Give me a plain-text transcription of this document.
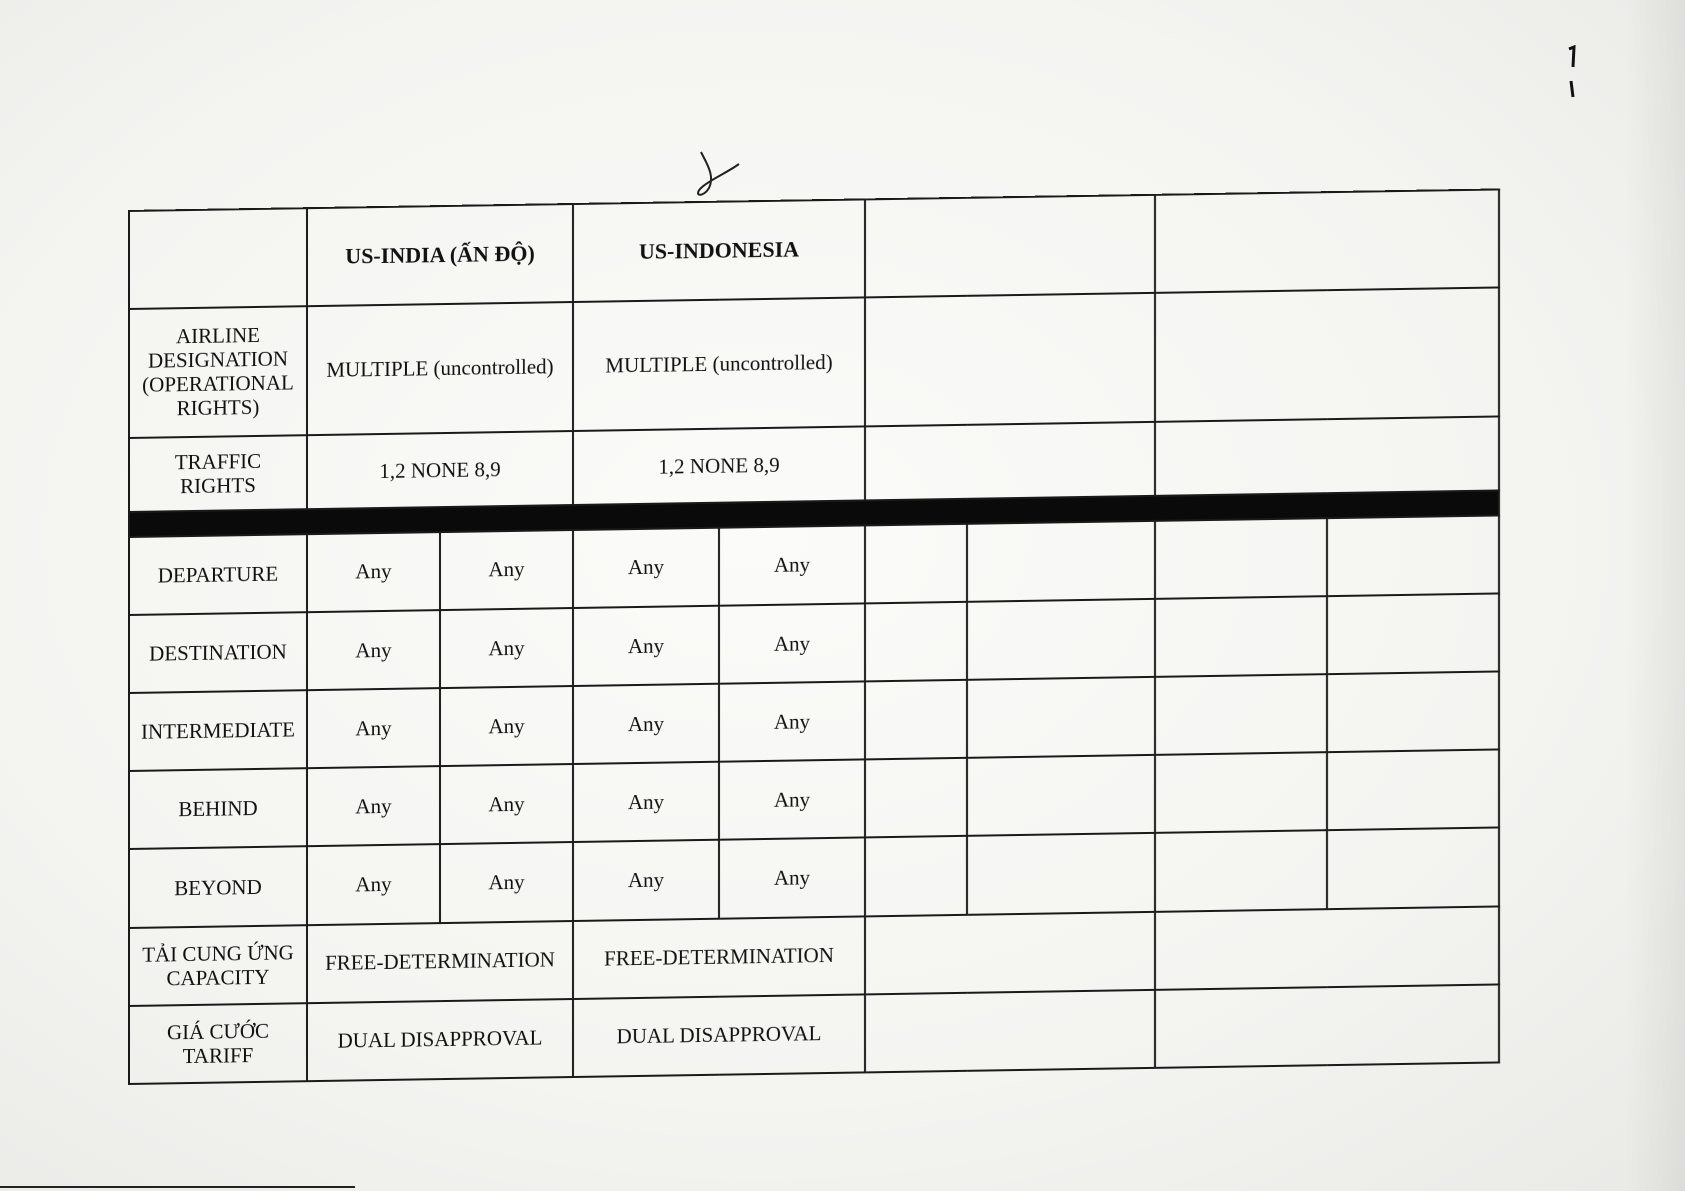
	US-INDIA (ẤN ĐỘ)		US-INDONESIA					
AIRLINE DESIGNATION (OPERATIONAL RIGHTS)	MULTIPLE (uncontrolled)		MULTIPLE (uncontrolled)					
TRAFFIC RIGHTS	1,2 NONE 8,9		1,2 NONE 8,9					

DEPARTURE	Any	Any	Any	Any				
DESTINATION	Any	Any	Any	Any				
INTERMEDIATE	Any	Any	Any	Any				
BEHIND	Any	Any	Any	Any				
BEYOND	Any	Any	Any	Any				
TẢI CUNG ỨNG CAPACITY	FREE-DETERMINATION		FREE-DETERMINATION					
GIÁ CƯỚC TARIFF	DUAL DISAPPROVAL		DUAL DISAPPROVAL					
